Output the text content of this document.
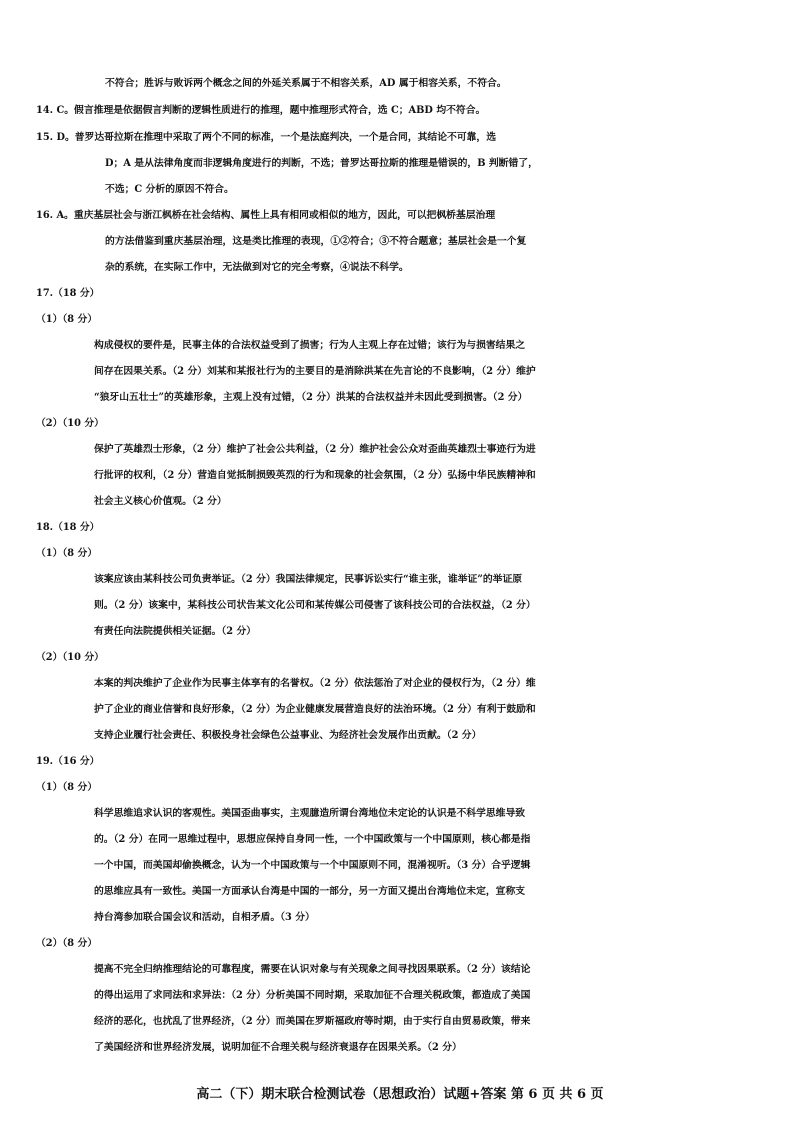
不符合；胜诉与败诉两个概念之间的外延关系属于不相容关系，AD 属于相容关系，不符合。
14. C。假言推理是依据假言判断的逻辑性质进行的推理，题中推理形式符合，选 C；ABD 均不符合。
15. D。普罗达哥拉斯在推理中采取了两个不同的标准，一个是法庭判决，一个是合同，其结论不可靠，选
D；A 是从法律角度而非逻辑角度进行的判断，不选；普罗达哥拉斯的推理是错误的，B 判断错了，
不选；C 分析的原因不符合。
16. A。重庆基层社会与浙江枫桥在社会结构、属性上具有相同或相似的地方，因此，可以把枫桥基层治理
的方法借鉴到重庆基层治理，这是类比推理的表现，①②符合；③不符合题意；基层社会是一个复
杂的系统，在实际工作中，无法做到对它的完全考察，④说法不科学。
17.（18 分）
（1）（8 分）
构成侵权的要件是，民事主体的合法权益受到了损害；行为人主观上存在过错；该行为与损害结果之
间存在因果关系。（2 分）刘某和某报社行为的主要目的是消除洪某在先言论的不良影响，（2 分）维护
“狼牙山五壮士”的英雄形象，主观上没有过错，（2 分）洪某的合法权益并未因此受到损害。（2 分）
（2）（10 分）
保护了英雄烈士形象，（2 分）维护了社会公共利益，（2 分）维护社会公众对歪曲英雄烈士事迹行为进
行批评的权利，（2 分）营造自觉抵制损毁英烈的行为和现象的社会氛围，（2 分）弘扬中华民族精神和
社会主义核心价值观。（2 分）
18.（18 分）
（1）（8 分）
该案应该由某科技公司负责举证。（2 分）我国法律规定，民事诉讼实行“谁主张，谁举证”的举证原
则。（2 分）该案中，某科技公司状告某文化公司和某传媒公司侵害了该科技公司的合法权益，（2 分）
有责任向法院提供相关证据。（2 分）
（2）（10 分）
本案的判决维护了企业作为民事主体享有的名誉权。（2 分）依法惩治了对企业的侵权行为，（2 分）维
护了企业的商业信誉和良好形象，（2 分）为企业健康发展营造良好的法治环境。（2 分）有利于鼓励和
支持企业履行社会责任、积极投身社会绿色公益事业、为经济社会发展作出贡献。（2 分）
19.（16 分）
（1）（8 分）
科学思维追求认识的客观性。美国歪曲事实，主观臆造所谓台湾地位未定论的认识是不科学思维导致
的。（2 分）在同一思维过程中，思想应保持自身同一性，一个中国政策与一个中国原则，核心都是指
一个中国，而美国却偷换概念，认为一个中国政策与一个中国原则不同，混淆视听。（3 分）合乎逻辑
的思维应具有一致性。美国一方面承认台湾是中国的一部分，另一方面又提出台湾地位未定，宣称支
持台湾参加联合国会议和活动，自相矛盾。（3 分）
（2）（8 分）
提高不完全归纳推理结论的可靠程度，需要在认识对象与有关现象之间寻找因果联系。（2 分）该结论
的得出运用了求同法和求异法：（2 分）分析美国不同时期，采取加征不合理关税政策，都造成了美国
经济的恶化，也扰乱了世界经济，（2 分）而美国在罗斯福政府等时期，由于实行自由贸易政策，带来
了美国经济和世界经济发展，说明加征不合理关税与经济衰退存在因果关系。（2 分）
高二（下）期末联合检测试卷（思想政治）试题+答案 第 6 页 共 6 页
